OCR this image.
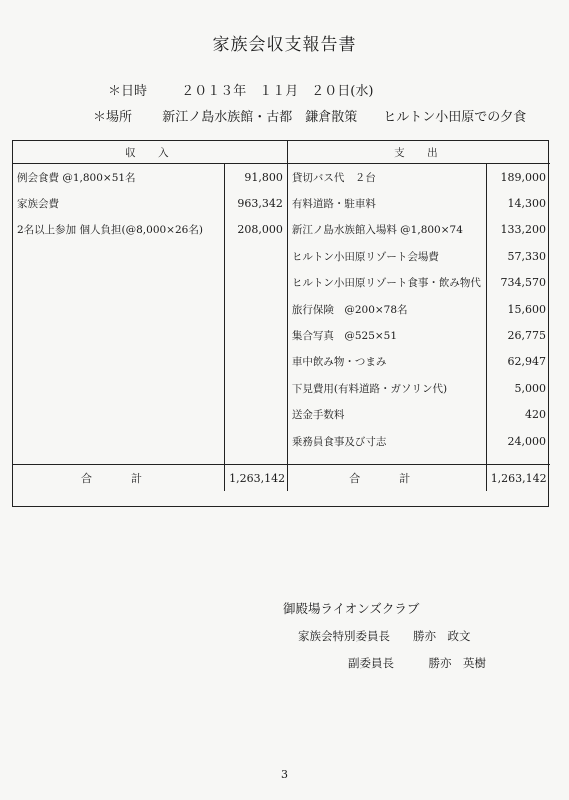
家族会収支報告書
＊日時	２０１３年　１１月　２０日(水)
＊場所 新江ノ島水族館・古都　鎌倉散策　　ヒルトン小田原での夕食
収　入		支　出	
例会食費 @1,800×51名	91,800	貸切バス代　２台	189,000
家族会費	963,342	有料道路・駐車料	14,300
2名以上参加 個人負担(@8,000×26名)	208,000	新江ノ島水族館入場料 @1,800×74	133,200
		ヒルトン小田原リゾート会場費	57,330
		ヒルトン小田原リゾート食事・飲み物代	734,570
		旅行保険　@200×78名	15,600
		集合写真　@525×51	26,775
		車中飲み物・つまみ	62,947
		下見費用(有料道路・ガソリン代)	5,000
		送金手数料	420
		乗務員食事及び寸志	24,000

合　計	1,263,142	合　計	1,263,142
御殿場ライオンズクラブ
家族会特別委員長　　勝亦　政文
副委員長　　　勝亦　英樹
3
